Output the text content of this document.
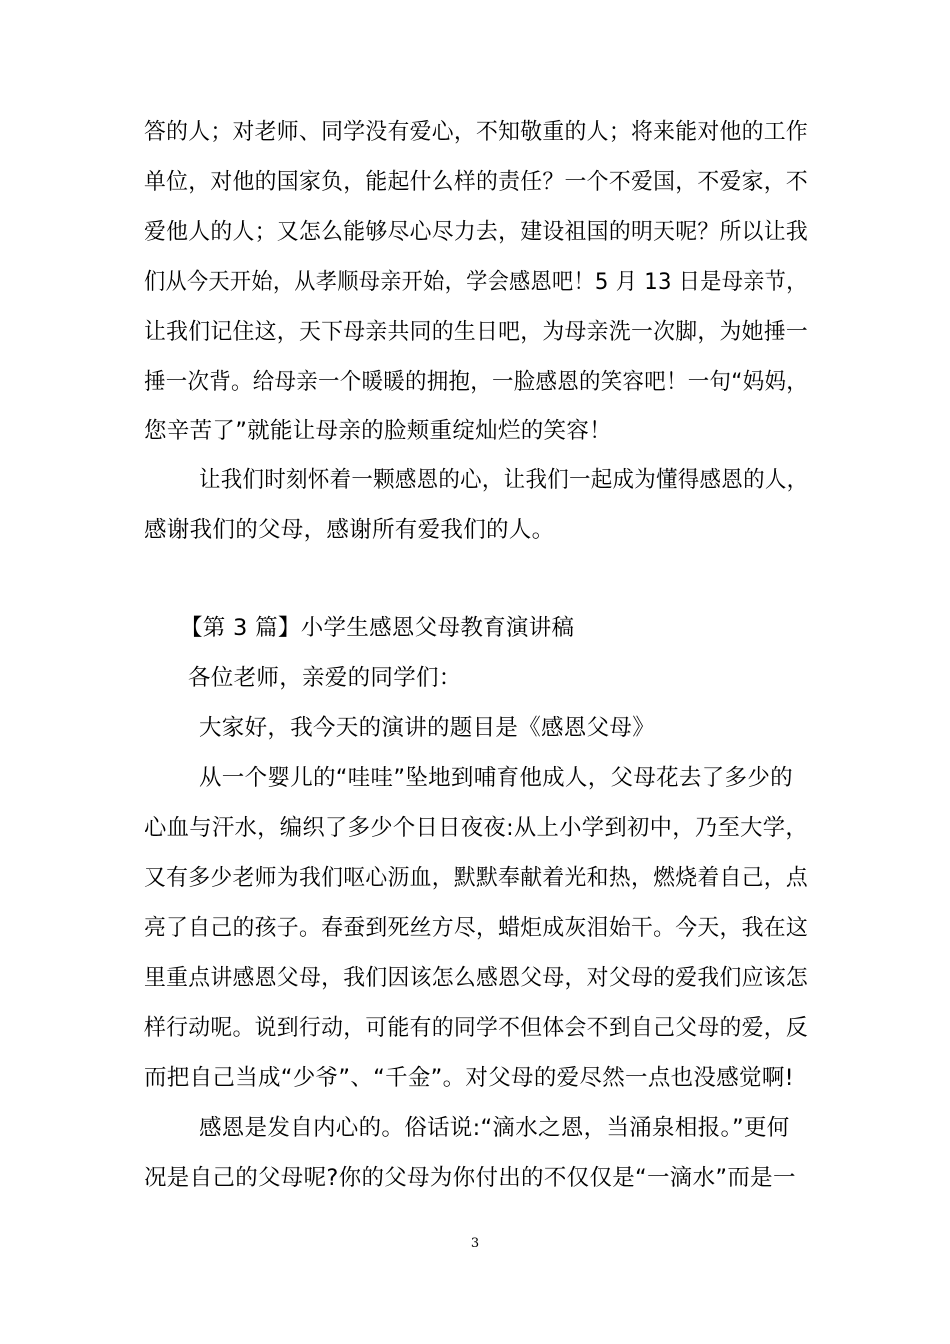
答的人；对老师、同学没有爱心，不知敬重的人；将来能对他的工作
单位，对他的国家负，能起什么样的责任？一个不爱国，不爱家，不
爱他人的人；又怎么能够尽心尽力去，建设祖国的明天呢？所以让我
们从今天开始，从孝顺母亲开始，学会感恩吧！5 月 13 日是母亲节，
让我们记住这，天下母亲共同的生日吧，为母亲洗一次脚，为她捶一
捶一次背。给母亲一个暖暖的拥抱，一脸感恩的笑容吧！一句“妈妈，
您辛苦了”就能让母亲的脸颊重绽灿烂的笑容！
让我们时刻怀着一颗感恩的心，让我们一起成为懂得感恩的人，
感谢我们的父母，感谢所有爱我们的人。
【第 3 篇】小学生感恩父母教育演讲稿
各位老师，亲爱的同学们：
大家好，我今天的演讲的题目是《感恩父母》
从一个婴儿的“哇哇”坠地到哺育他成人，父母花去了多少的
心血与汗水，编织了多少个日日夜夜:从上小学到初中，乃至大学，
又有多少老师为我们呕心沥血，默默奉献着光和热，燃烧着自己，点
亮了自己的孩子。春蚕到死丝方尽，蜡炬成灰泪始干。今天，我在这
里重点讲感恩父母，我们因该怎么感恩父母，对父母的爱我们应该怎
样行动呢。说到行动，可能有的同学不但体会不到自己父母的爱，反
而把自己当成“少爷”、“千金”。对父母的爱尽然一点也没感觉啊!
感恩是发自内心的。俗话说:“滴水之恩，当涌泉相报。”更何
况是自己的父母呢?你的父母为你付出的不仅仅是“一滴水”而是一
3
